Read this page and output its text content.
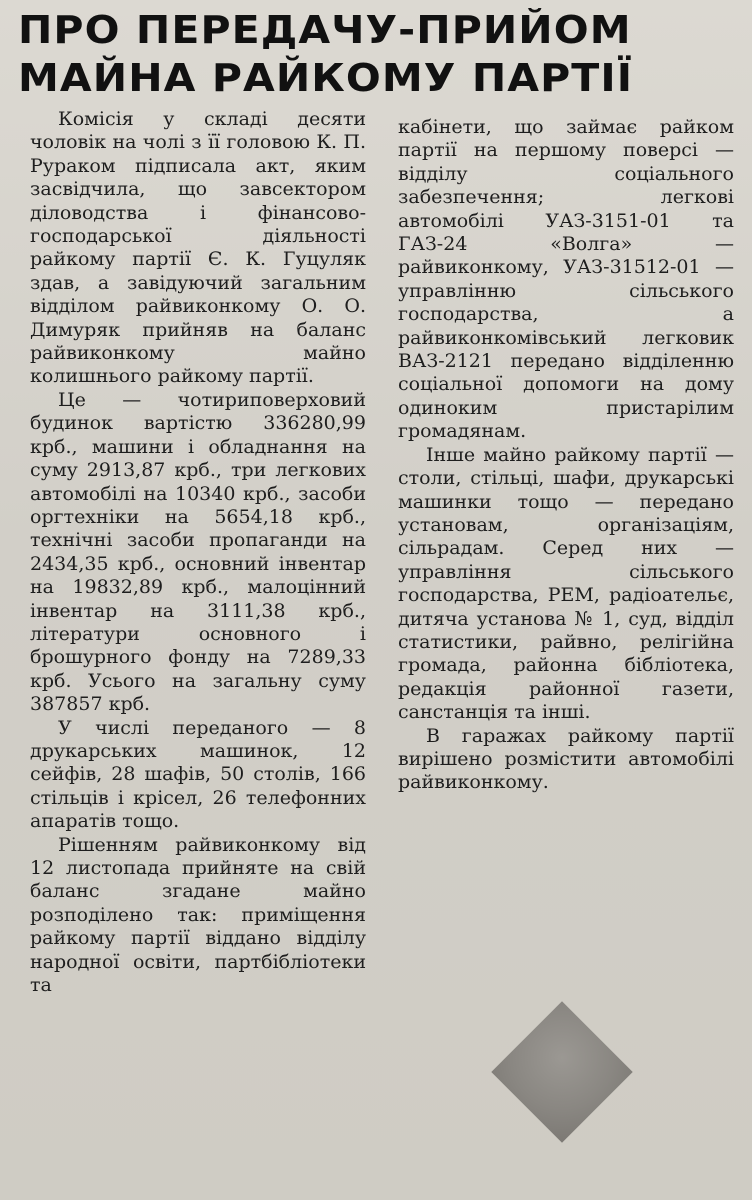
ПРО ПЕРЕДАЧУ-ПРИЙОМ
МАЙНА РАЙКОМУ ПАРТІЇ

Комісія у складі десяти чоловік на чолі з її головою К. П. Рураком підписала акт, яким засвідчила, що завсектором діловодства і фінансово-господарської діяльності райкому партії Є. К. Гуцуляк здав, а завідуючий загальним відділом райвиконкому О. О. Димуряк прийняв на баланс райвиконкому майно колишнього райкому партії.

Це — чотириповерховий будинок вартістю 336280,99 крб., машини і обладнання на суму 2913,87 крб., три легкових автомобілі на 10340 крб., засоби оргтехніки на 5654,18 крб., технічні засоби пропаганди на 2434,35 крб., основний інвентар на 19832,89 крб., малоцінний інвентар на 3111,38 крб., літератури основного і брошурного фонду на 7289,33 крб. Усього на загальну суму 387857 крб.

У числі переданого — 8 друкарських машинок, 12 сейфів, 28 шафів, 50 столів, 166 стільців і крісел, 26 телефонних апаратів тощо.

Рішенням райвиконкому від 12 листопада прийняте на свій баланс згадане майно розподілено так: приміщення райкому партії віддано відділу народної освіти, партбібліотеки та

кабінети, що займає райком партії на першому поверсі — відділу соціального забезпечення; легкові автомобілі УАЗ-3151-01 та ГАЗ-24 «Волга» — райвиконкому, УАЗ-31512-01 — управлінню сільського господарства, а райвиконкомівський легковик ВАЗ-2121 передано відділенню соціальної допомоги на дому одиноким пристарілим громадянам.

Інше майно райкому партії — столи, стільці, шафи, друкарські машинки тощо — передано установам, організаціям, сільрадам. Серед них — управління сільського господарства, РЕМ, радіоательє, дитяча установа № 1, суд, відділ статистики, райвно, релігійна громада, районна бібліотека, редакція районної газети, санстанція та інші.

В гаражах райкому партії вирішено розмістити автомобілі райвиконкому.
